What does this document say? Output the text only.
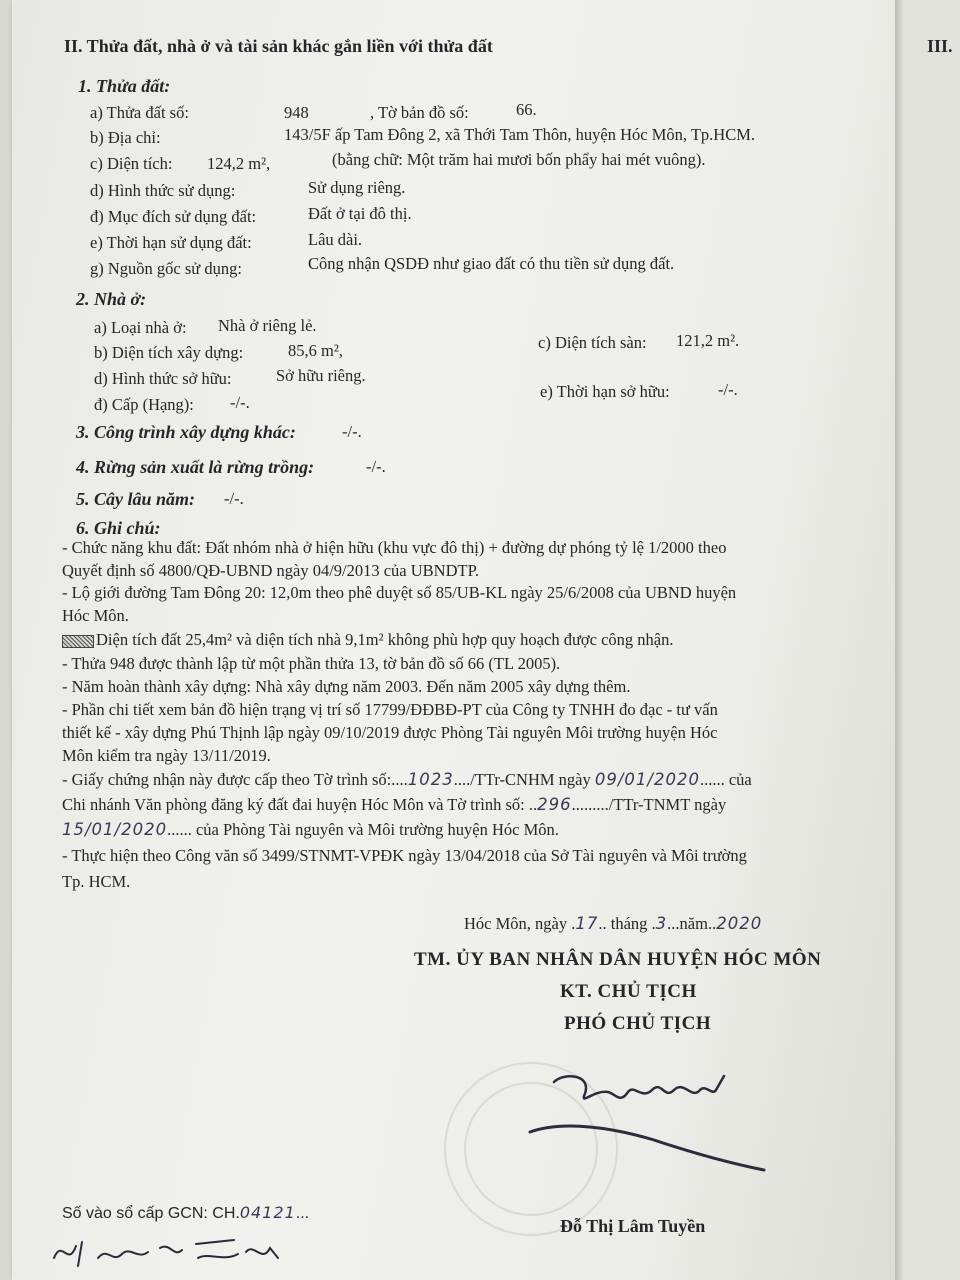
II. Thửa đất, nhà ở và tài sản khác gắn liền với thửa đất
1. Thửa đất:
a) Thửa đất số:	948	, Tờ bản đồ số:	66.
b) Địa chỉ:	143/5F ấp Tam Đông 2, xã Thới Tam Thôn, huyện Hóc Môn, Tp.HCM.
c) Diện tích: 124,2 m²,	(bằng chữ: Một trăm hai mươi bốn phẩy hai mét vuông).
d) Hình thức sử dụng:	Sử dụng riêng.
đ) Mục đích sử dụng đất:	Đất ở tại đô thị.
e) Thời hạn sử dụng đất:	Lâu dài.
g) Nguồn gốc sử dụng:	Công nhận QSDĐ như giao đất có thu tiền sử dụng đất.
2. Nhà ở:
a) Loại nhà ở: Nhà ở riêng lẻ.
b) Diện tích xây dựng:	85,6 m²,	c) Diện tích sàn: 121,2 m².
d) Hình thức sở hữu:	Sở hữu riêng.
đ) Cấp (Hạng): -/-.
e) Thời hạn sở hữu:	-/-.
3. Công trình xây dựng khác:	-/-.
4. Rừng sản xuất là rừng trồng:	-/-.
5. Cây lâu năm: -/-.
6. Ghi chú:
- Chức năng khu đất: Đất nhóm nhà ở hiện hữu (khu vực đô thị) + đường dự phóng tỷ lệ 1/2000 theo
Quyết định số 4800/QĐ-UBND ngày 04/9/2013 của UBNDTP.
- Lộ giới đường Tam Đông 20: 12,0m theo phê duyệt số 85/UB-KL ngày 25/6/2008 của UBND huyện
Hóc Môn.
Diện tích đất 25,4m² và diện tích nhà 9,1m² không phù hợp quy hoạch được công nhận.
- Thửa 948 được thành lập từ một phần thửa 13, tờ bản đồ số 66 (TL 2005).
- Năm hoàn thành xây dựng: Nhà xây dựng năm 2003. Đến năm 2005 xây dựng thêm.
- Phần chi tiết xem bản đồ hiện trạng vị trí số 17799/ĐĐBĐ-PT của Công ty TNHH đo đạc - tư vấn
thiết kế - xây dựng Phú Thịnh lập ngày 09/10/2019 được Phòng Tài nguyên Môi trường huyện Hóc
Môn kiểm tra ngày 13/11/2019.
- Giấy chứng nhận này được cấp theo Tờ trình số:....1023..../TTr-CNHM ngày 09/01/2020...... của
Chi nhánh Văn phòng đăng ký đất đai huyện Hóc Môn và Tờ trình số: ..296........./TTr-TNMT ngày
15/01/2020...... của Phòng Tài nguyên và Môi trường huyện Hóc Môn.
- Thực hiện theo Công văn số 3499/STNMT-VPĐK ngày 13/04/2018 của Sở Tài nguyên và Môi trường
Tp. HCM.
Hóc Môn, ngày .17.. tháng .3...năm..2020
TM. ỦY BAN NHÂN DÂN HUYỆN HÓC MÔN
KT. CHỦ TỊCH
PHÓ CHỦ TỊCH
Đỗ Thị Lâm Tuyền
Số vào sổ cấp GCN: CH.04121...
III.
